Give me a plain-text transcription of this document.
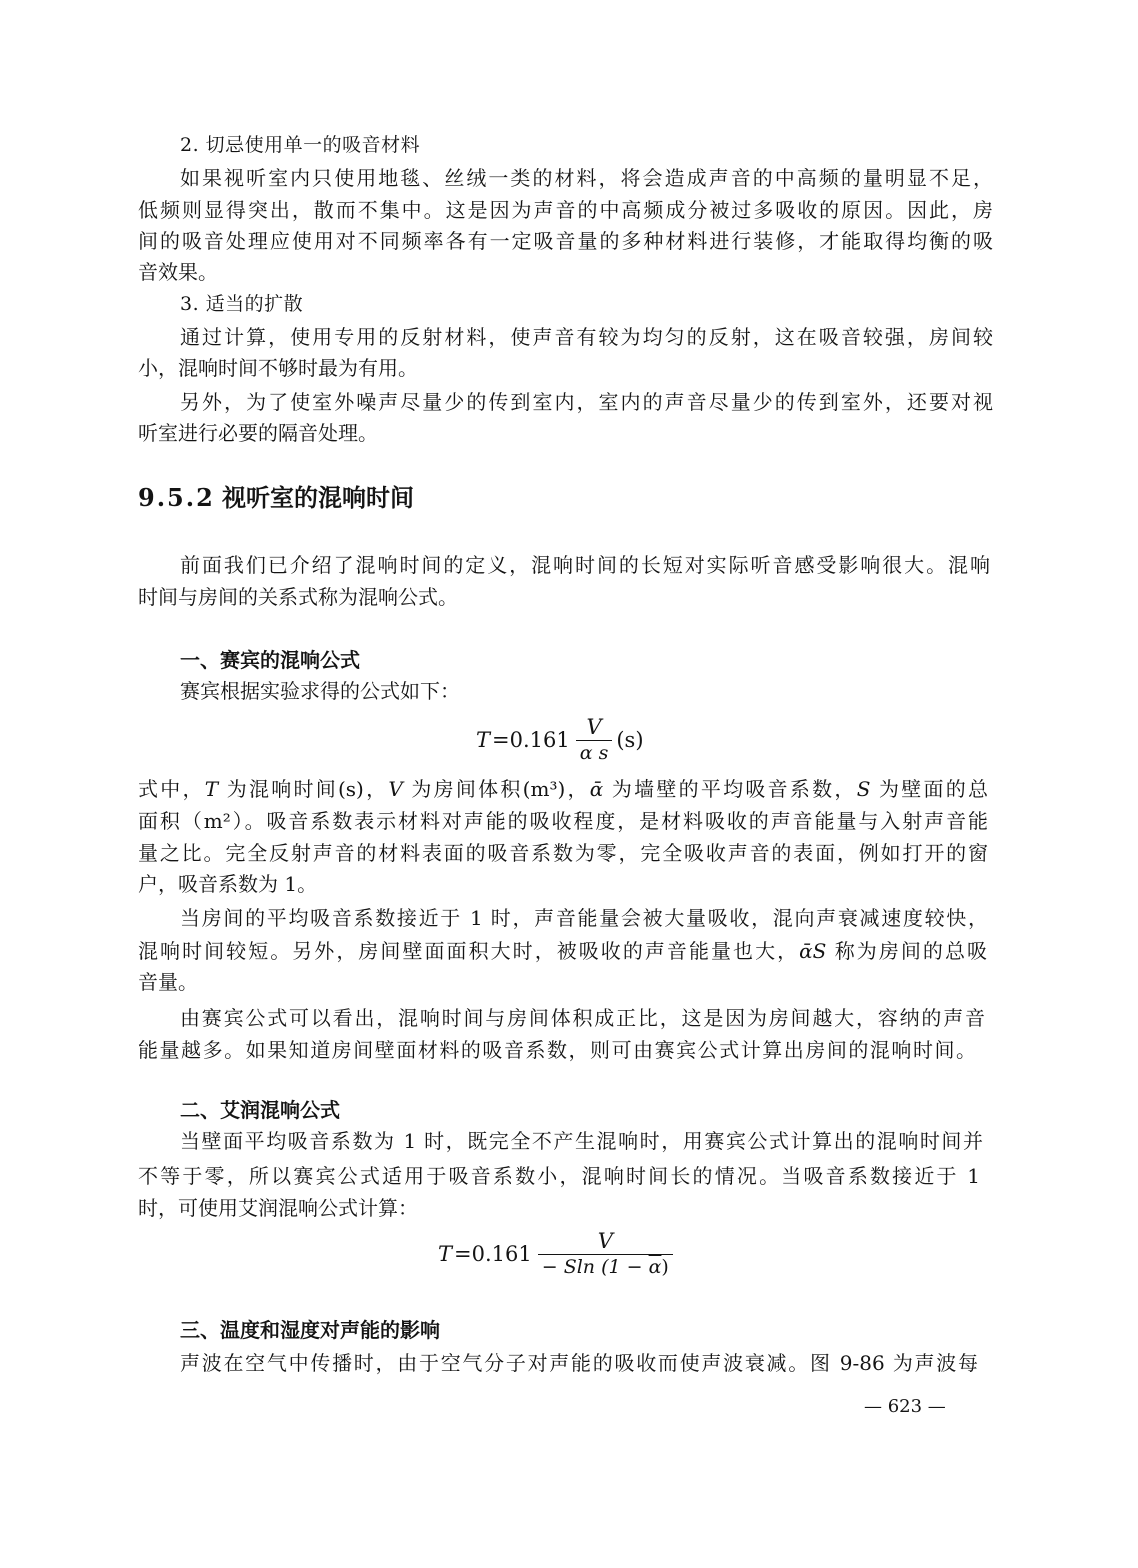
2. 切忌使用单一的吸音材料
如果视听室内只使用地毯、丝绒一类的材料，将会造成声音的中高频的量明显不足，
低频则显得突出，散而不集中。这是因为声音的中高频成分被过多吸收的原因。因此，房
间的吸音处理应使用对不同频率各有一定吸音量的多种材料进行装修，才能取得均衡的吸
音效果。
3. 适当的扩散
通过计算，使用专用的反射材料，使声音有较为均匀的反射，这在吸音较强，房间较
小，混响时间不够时最为有用。
另外，为了使室外噪声尽量少的传到室内，室内的声音尽量少的传到室外，还要对视
听室进行必要的隔音处理。
9.5.2 视听室的混响时间
前面我们已介绍了混响时间的定义，混响时间的长短对实际听音感受影响很大。混响
时间与房间的关系式称为混响公式。
一、赛宾的混响公式
赛宾根据实验求得的公式如下：
$T =0.161 \frac{V}{\text{α s}} (s)$
式中，T 为混响时间(s)，V 为房间体积(m³)，ᾱ 为墙壁的平均吸音系数，S 为壁面的总
面积（m²）。吸音系数表示材料对声能的吸收程度，是材料吸收的声音能量与入射声音能
量之比。完全反射声音的材料表面的吸音系数为零，完全吸收声音的表面，例如打开的窗
户，吸音系数为 1。
当房间的平均吸音系数接近于 1 时，声音能量会被大量吸收，混向声衰减速度较快，
混响时间较短。另外，房间壁面面积大时，被吸收的声音能量也大，ᾱS 称为房间的总吸
音量。
由赛宾公式可以看出，混响时间与房间体积成正比，这是因为房间越大，容纳的声音
能量越多。如果知道房间壁面材料的吸音系数，则可由赛宾公式计算出房间的混响时间。
二、艾润混响公式
当壁面平均吸音系数为 1 时，既完全不产生混响时，用赛宾公式计算出的混响时间并
不等于零，所以赛宾公式适用于吸音系数小，混响时间长的情况。当吸音系数接近于 1
时，可使用艾润混响公式计算：
$T =0.161 \frac{V}{- Sln (1 - \overline{\alpha})}$
三、温度和湿度对声能的影响
声波在空气中传播时，由于空气分子对声能的吸收而使声波衰减。图 9-86 为声波每
— 623 —
